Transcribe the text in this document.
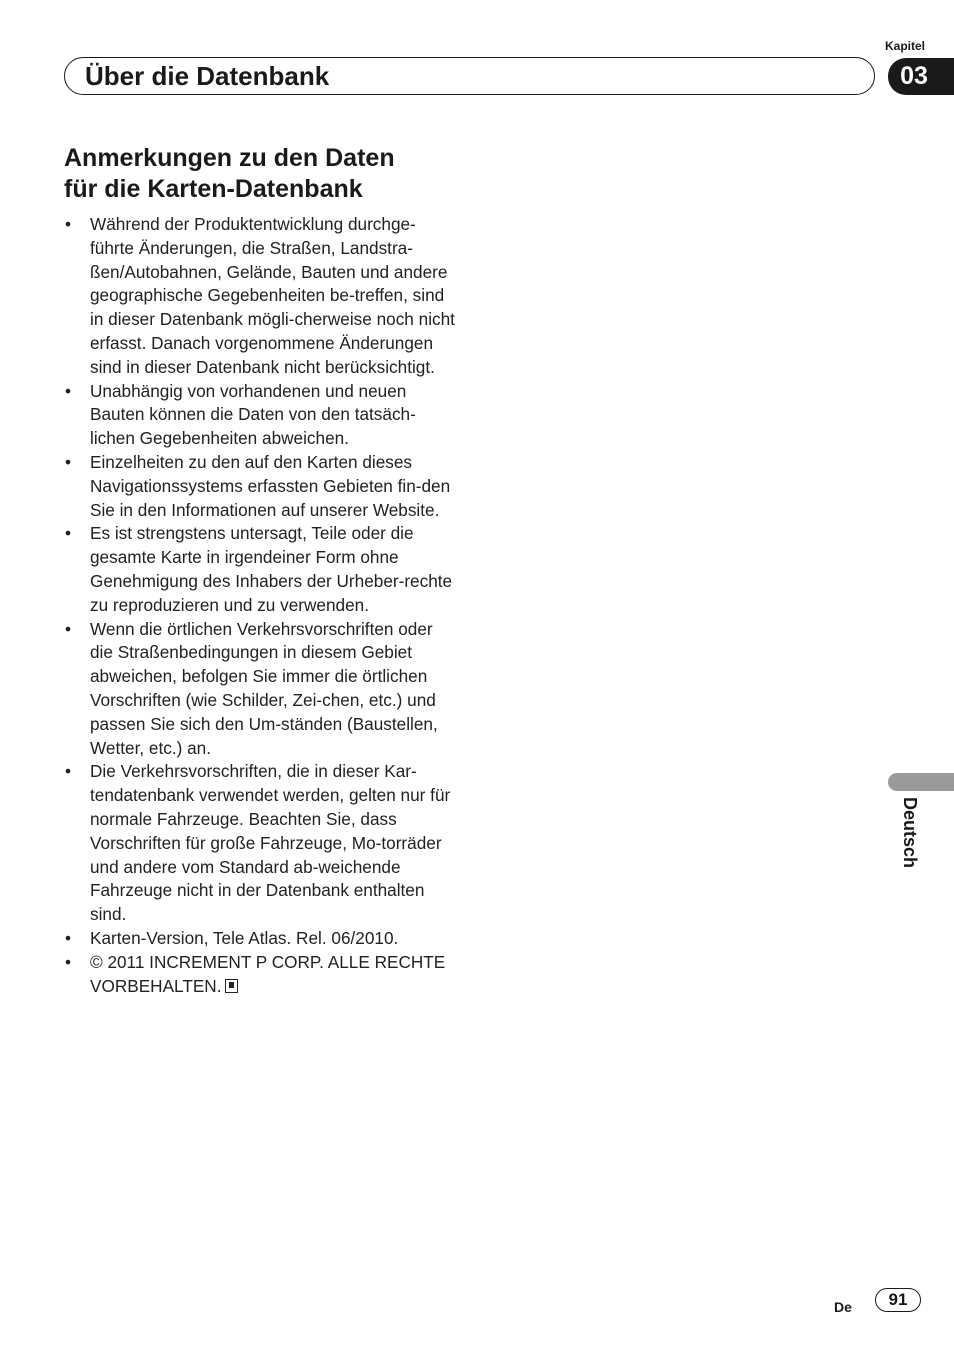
Über die Datenbank
Kapitel
03
Anmerkungen zu den Daten
für die Karten-Datenbank
• Während der Produktentwicklung durchge-führte Änderungen, die Straßen, Landstra-ßen/Autobahnen, Gelände, Bauten und andere geographische Gegebenheiten be-treffen, sind in dieser Datenbank mögli-cherweise noch nicht erfasst. Danach vorgenommene Änderungen sind in dieser Datenbank nicht berücksichtigt.
• Unabhängig von vorhandenen und neuen Bauten können die Daten von den tatsäch-lichen Gegebenheiten abweichen.
• Einzelheiten zu den auf den Karten dieses Navigationssystems erfassten Gebieten fin-den Sie in den Informationen auf unserer Website.
• Es ist strengstens untersagt, Teile oder die gesamte Karte in irgendeiner Form ohne Genehmigung des Inhabers der Urheber-rechte zu reproduzieren und zu verwenden.
• Wenn die örtlichen Verkehrsvorschriften oder die Straßenbedingungen in diesem Gebiet abweichen, befolgen Sie immer die örtlichen Vorschriften (wie Schilder, Zei-chen, etc.) und passen Sie sich den Um-ständen (Baustellen, Wetter, etc.) an.
• Die Verkehrsvorschriften, die in dieser Kar-tendatenbank verwendet werden, gelten nur für normale Fahrzeuge. Beachten Sie, dass Vorschriften für große Fahrzeuge, Mo-torräder und andere vom Standard ab-weichende Fahrzeuge nicht in der Datenbank enthalten sind.
• Karten-Version, Tele Atlas. Rel. 06/2010.
• © 2011 INCREMENT P CORP. ALLE RECHTE VORBEHALTEN.
Deutsch
De	91
